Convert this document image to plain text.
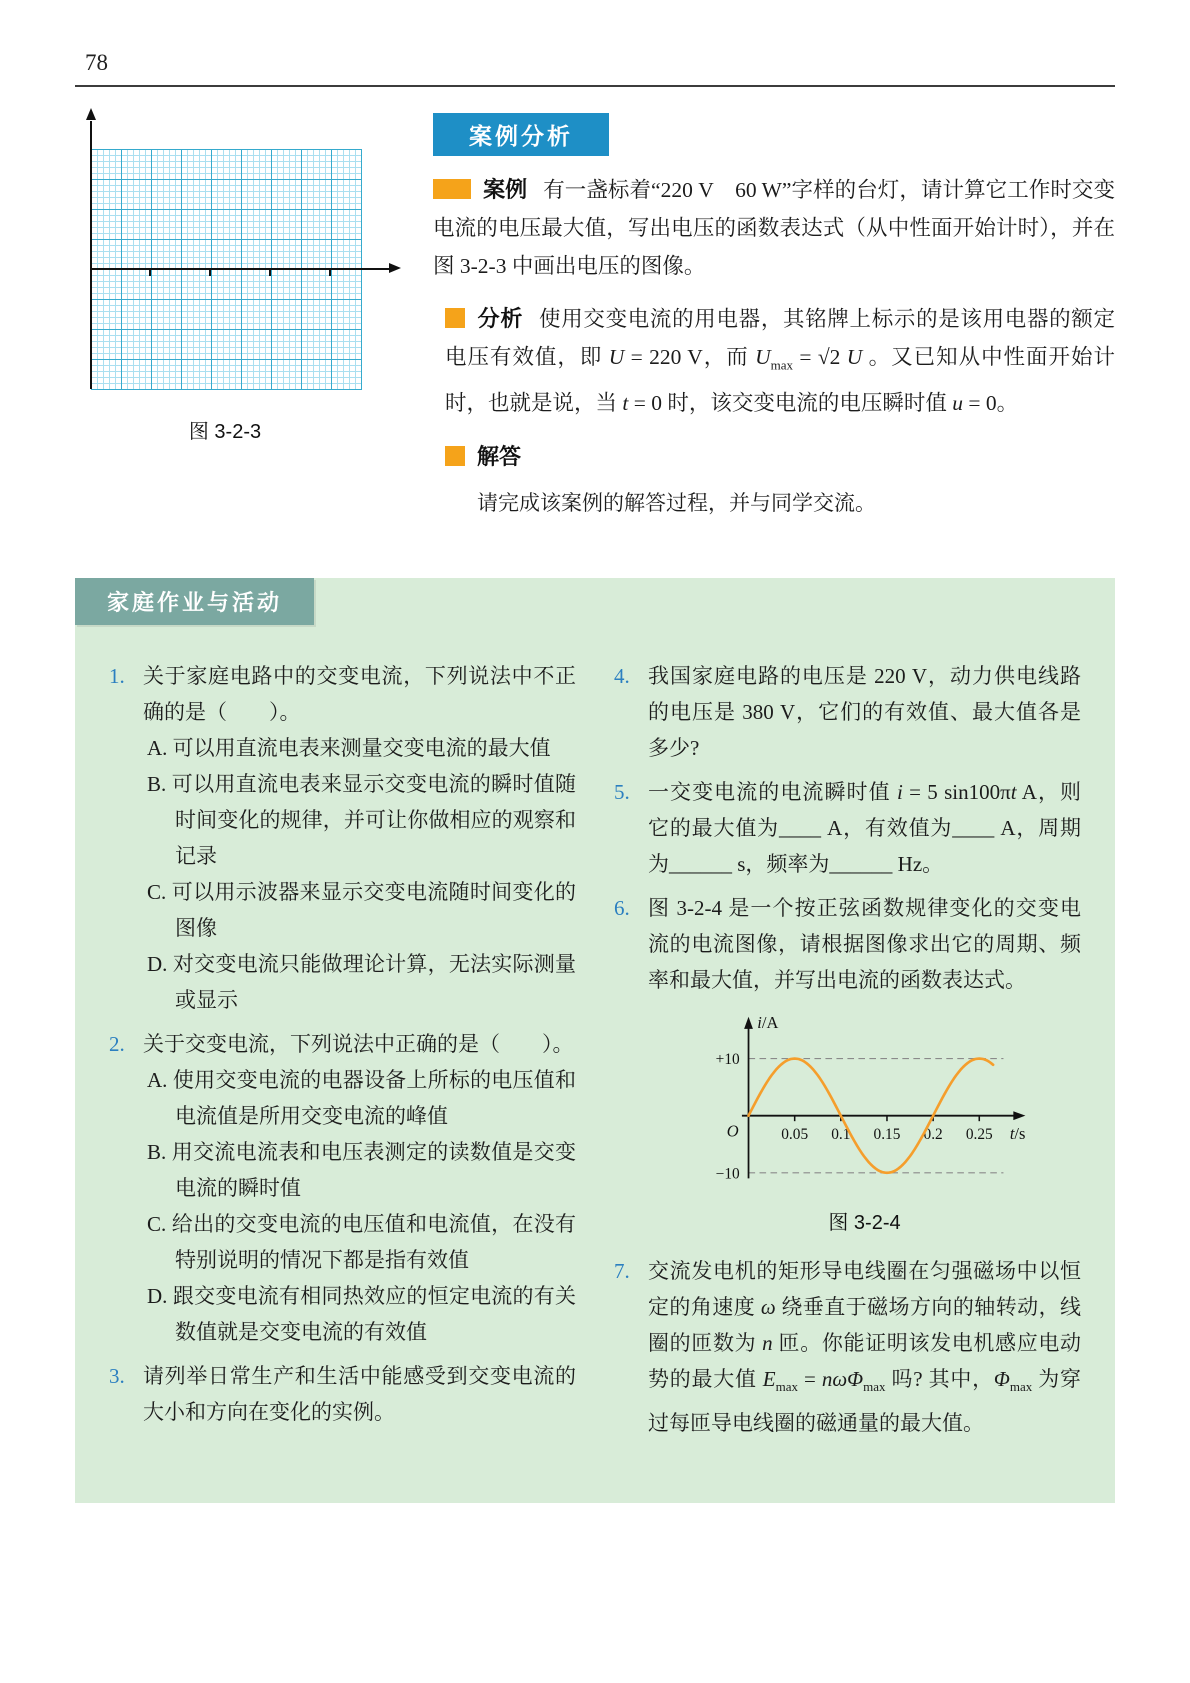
78
图 3-2-3
案例分析

案例 有一盏标着“220 V　60 W”字样的台灯，请计算它工作时交变电流的电压最大值，写出电压的函数表达式（从中性面开始计时），并在图 3-2-3 中画出电压的图像。

分析 使用交变电流的用电器，其铭牌上标示的是该用电器的额定电压有效值，即 U = 220 V，而 $U_{max} = √2$ U 。又已知从中性面开始计时，也就是说，当 t = 0 时，该交变电流的电压瞬时值 u = 0。

解答

请完成该案例的解答过程，并与同学交流。

家庭作业与活动
1. 关于家庭电路中的交变电流，下列说法中不正确的是（　　）。
A. 可以用直流电表来测量交变电流的最大值
B. 可以用直流电表来显示交变电流的瞬时值随时间变化的规律，并可让你做相应的观察和记录
C. 可以用示波器来显示交变电流随时间变化的图像
D. 对交变电流只能做理论计算，无法实际测量或显示
2. 关于交变电流，下列说法中正确的是（　　）。
A. 使用交变电流的电器设备上所标的电压值和电流值是所用交变电流的峰值
B. 用交流电流表和电压表测定的读数值是交变电流的瞬时值
C. 给出的交变电流的电压值和电流值，在没有特别说明的情况下都是指有效值
D. 跟交变电流有相同热效应的恒定电流的有关数值就是交变电流的有效值
3. 请列举日常生产和生活中能感受到交变电流的大小和方向在变化的实例。
4. 我国家庭电路的电压是 220 V，动力供电线路的电压是 380 V，它们的有效值、最大值各是多少?
5. 一交变电流的电流瞬时值 i = 5 sin100πt A，则它的最大值为____ A，有效值为____ A，周期为______ s，频率为______ Hz。
6. 图 3-2-4 是一个按正弦函数规律变化的交变电流的电流图像，请根据图像求出它的周期、频率和最大值，并写出电流的函数表达式。
0.05 0.1 0.15 0.2 0.25
+10
−10
O
i/A
t/s
图 3-2-4
7. 交流发电机的矩形导电线圈在匀强磁场中以恒定的角速度 ω 绕垂直于磁场方向的轴转动，线圈的匝数为 n 匝。你能证明该发电机感应电动势的最大值 $E_{max} = n\omega\Phi_{max}$ 吗? 其中，$\Phi_{max}$ 为穿过每匝导电线圈的磁通量的最大值。
